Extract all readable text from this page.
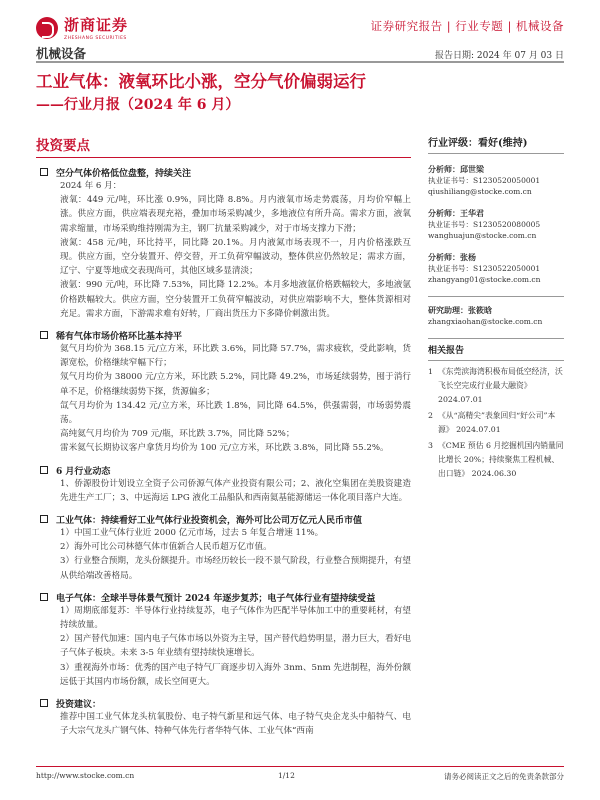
浙商证券
ZHESHANG SECURITIES
证券研究报告 | 行业专题 | 机械设备
机械设备	报告日期: 2024 年 07 月 03 日
工业气体：液氧环比小涨，空分气价偏弱运行
——行业月报（2024 年 6 月）
投资要点
空分气体价格低位盘整，持续关注
2024 年 6 月：
液氧：449 元/吨，环比涨 0.9%，同比降 8.8%。月内液氧市场走势震荡，月均价窄幅上涨。供应方面，供应端表现充裕，叠加市场采购减少，多地液位有所升高。需求方面，液氧需求缩量，市场采购维持刚需为主，钢厂抗量采购减少，对于市场支撑力下滑；
液氮：458 元/吨，环比持平，同比降 20.1%。月内液氮市场表现不一，月内价格涨跌互现。供应方面，空分装置开、停交替，开工负荷窄幅波动，整体供应仍然较足；需求方面，辽宁、宁夏等地成交表现尚可，其他区域多显清淡；
液氩：990 元/吨，环比降 7.53%，同比降 12.2%。本月多地液氩价格跌幅较大，多地液氩价格跌幅较大。供应方面，空分装置开工负荷窄幅波动，对供应端影响不大，整体货源相对充足。需求方面，下游需求难有好转，厂商出货压力下多降价刺激出货。
稀有气体市场价格环比基本持平
氦气月均价为 368.15 元/立方米，环比跌 3.6%，同比降 57.7%，需求疲软，受此影响，货源宽松，价格继续窄幅下行；
氖气月均价为 38000 元/立方米，环比跌 5.2%，同比降 49.2%，市场延续弱势，囤于消行单不足，价格继续弱势下探，货源偏多；
氙气月均价为 134.42 元/立方米，环比跌 1.8%，同比降 64.5%，供强需弱，市场弱势震荡。
高纯氦气月均价为 709 元/瓶，环比跌 3.7%，同比降 52%；
雷米氦气长期协议客户拿货月均价为 100 元/立方米，环比跌 3.8%，同比降 55.2%。
6 月行业动态
1、侨源股份计划设立全资子公司侨源气体产业投资有限公司；2、液化空集团在美股资建造先进生产工厂；3、中远海运 LPG 液化工品船队和西南氦基能源储运一体化项目落户大连。
工业气体：持续看好工业气体行业投资机会，海外可比公司万亿元人民币市值
1）中国工业气体行业近 2000 亿元市场，过去 5 年复合增速 11%。
2）海外可比公司林德气体市值新合人民币超万亿市值。
3）行业整合预期，龙头份额提升。市场经历较长一段不景气阶段，行业整合预期提升，有望从供给端改善格局。
电子气体：全球半导体景气预计 2024 年逐步复苏；电子气体行业有望持续受益
1）周期底部复苏：半导体行业持续复苏，电子气体作为匹配半导体加工中的重要耗材，有望持续放量。
2）国产替代加速：国内电子气体市场以外资为主导，国产替代趋势明显，潜力巨大，看好电子气体子板块。未来 3-5 年业绩有望持续快速增长。
3）重视海外市场：优秀的国产电子特气厂商逐步切入海外 3nm、5nm 先进制程，海外份额远低于其国内市场份额，成长空间更大。
投资建议：
推荐中国工业气体龙头杭氧股份、电子特气新星和远气体、电子特气央企龙头中船特气、电子大宗气龙头广钢气体、特种气体先行者华特气体、工业气体“西南
行业评级：看好(维持)
分析师：邱世梁
执业证书号：S1230520050001
qiushiliang@stocke.com.cn
分析师：王华君
执业证书号：S1230520080005
wanghuajun@stocke.com.cn
分析师：张杨
执业证书号：S1230522050001
zhangyang01@stocke.com.cn
研究助理：张筱晗
zhangxiaohan@stocke.com.cn
相关报告
1 《东莞滨海湾积极布局低空经济，沃飞长空完成行业最大融资》 2024.07.01
2 《从“高精尖”表象回归“好公司”本源》 2024.07.01
3 《CME 预估 6 月挖掘机国内销量同比增长 20%；持续聚焦工程机械、出口链》 2024.06.30
http://www.stocke.com.cn	1/12	请务必阅读正文之后的免责条款部分
